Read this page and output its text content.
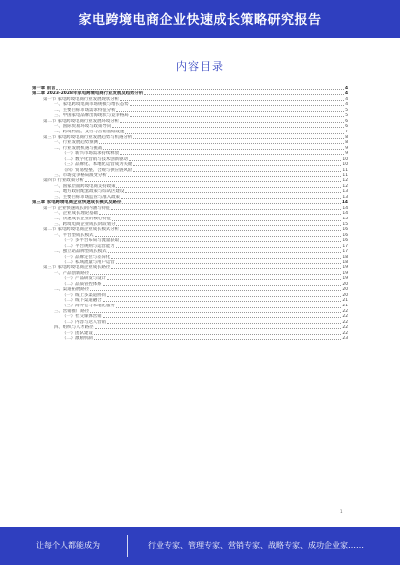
家电跨境电商企业快速成长策略研究报告
内容目录
第一章 前言	4
第二章 2023-2028年家电跨境电商行业发展及趋势分析	4
第一节 家电跨境电商行业发展现状分析	4
一、家电跨境电商市场规模与增长态势	4
二、主要目标市场需求特征分析	5
三、中国家电品牌出海现状与竞争格局	5
第二节 家电跨境电商行业发展环境分析	6
一、国际贸易环境与政策导向	6
二、跨境物流、支付与营销基础设施	7
第三节 家电跨境电商行业发展趋势与机遇分析	8
一、行业发展趋势预测	8
二、行业发展机遇与挑战	9
（一）新兴市场需求持续释放	9
（二）数字化营销与技术创新驱动	10
（三）品牌化、本地化运营成为关键	10
（四）贸易壁垒、合规与供应链风险	11
三、市场竞争格局演变分析	11
第四节 行业政策分析	12
一、国家层面跨境电商支持政策	12
二、地方政府配套政策与综试区建设	13
三、主要目标市场监管与准入政策	13
第三章 家电跨境电商企业快速成长模式及路径	14
第一节 企业快速成长的内涵与特征	14
一、企业成长理论基础	14
二、快速成长企业的核心特征	15
三、跨境电商企业成长阶段划分	15
第二节 家电跨境电商企业成长模式分析	16
一、平台型成长模式	16
（一）多平台布局与流量获取	16
（二）平台规则与运营能力	17
二、独立站品牌型成长模式	17
（一）品牌定位与差异化	18
（二）私域流量与用户运营	18
第三节 家电跨境电商企业成长路径	19
一、产品创新路径	19
（一）产品研发与设计	19
（二）品质管控体系	20
二、渠道拓展路径	20
（一）线上多渠道协同	20
（二）线下渠道融合	21
（三）海外仓与本地化服务	21
三、营销推广路径	22
（一）社交媒体营销	22
（二）内容与达人营销	22
四、组织与人才路径	22
（一）团队建设	22
（二）激励机制	23
1
让每个人都能成为	行业专家、管理专家、营销专家、战略专家、成功企业家……
